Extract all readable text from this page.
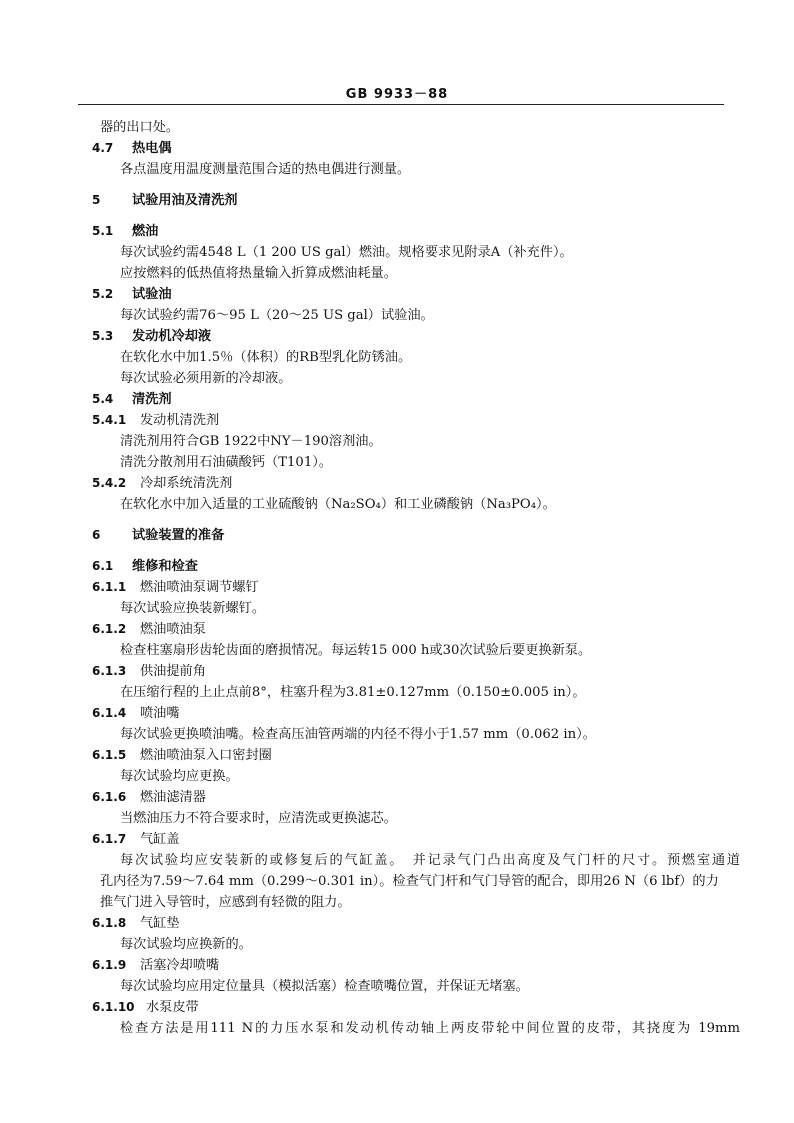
GB 9933－88
器的出口处。
4.7 热电偶
各点温度用温度测量范围合适的热电偶进行测量。
5 试验用油及清洗剂
5.1 燃油
每次试验约需4548 L（1 200 US gal）燃油。规格要求见附录A（补充件）。
应按燃料的低热值将热量输入折算成燃油耗量。
5.2 试验油
每次试验约需76～95 L（20～25 US gal）试验油。
5.3 发动机冷却液
在软化水中加1.5％（体积）的RB型乳化防锈油。
每次试验必须用新的冷却液。
5.4 清洗剂
5.4.1 发动机清洗剂
清洗剂用符合GB 1922中NY－190溶剂油。
清洗分散剂用石油磺酸钙（T101）。
5.4.2 冷却系统清洗剂
在软化水中加入适量的工业硫酸钠（Na₂SO₄）和工业磷酸钠（Na₃PO₄）。
6 试验装置的准备
6.1 维修和检查
6.1.1 燃油喷油泵调节螺钉
每次试验应换装新螺钉。
6.1.2 燃油喷油泵
检查柱塞扇形齿轮齿面的磨损情况。每运转15 000 h或30次试验后要更换新泵。
6.1.3 供油提前角
在压缩行程的上止点前8°，柱塞升程为3.81±0.127mm（0.150±0.005 in）。
6.1.4 喷油嘴
每次试验更换喷油嘴。检查高压油管两端的内径不得小于1.57 mm（0.062 in）。
6.1.5 燃油喷油泵入口密封圈
每次试验均应更换。
6.1.6 燃油滤清器
当燃油压力不符合要求时，应清洗或更换滤芯。
6.1.7 气缸盖
每次试验均应安装新的或修复后的气缸盖。　并记录气门凸出高度及气门杆的尺寸。预燃室通道
孔内径为7.59～7.64 mm（0.299～0.301 in）。检查气门杆和气门导管的配合，即用26 N（6 lbf）的力
推气门进入导管时，应感到有轻微的阻力。
6.1.8 气缸垫
每次试验均应换新的。
6.1.9 活塞冷却喷嘴
每次试验均应用定位量具（模拟活塞）检查喷嘴位置，并保证无堵塞。
6.1.10 水泵皮带
检查方法是用111 N的力压水泵和发动机传动轴上两皮带轮中间位置的皮带，其挠度为 19mm
